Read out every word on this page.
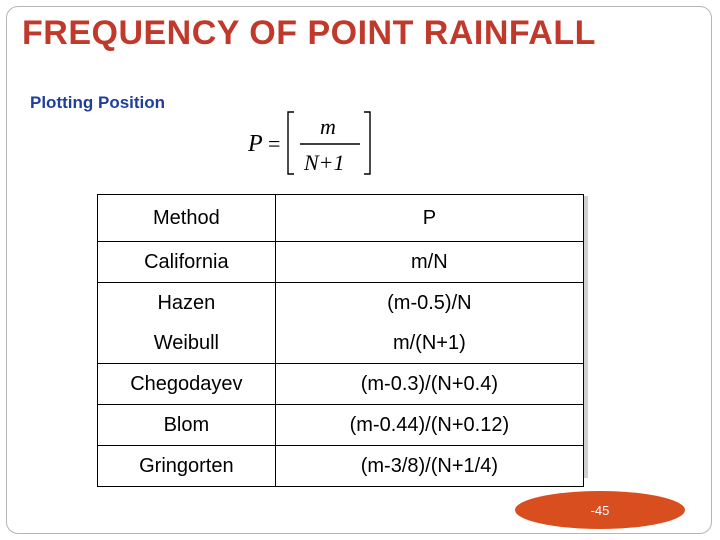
FREQUENCY OF POINT RAINFALL
Plotting Position
P =
m
N+1
Method	P
California	m/N
Hazen	(m-0.5)/N
Weibull	m/(N+1)
Chegodayev	(m-0.3)/(N+0.4)
Blom	(m-0.44)/(N+0.12)
Gringorten	(m-3/8)/(N+1/4)
-45
